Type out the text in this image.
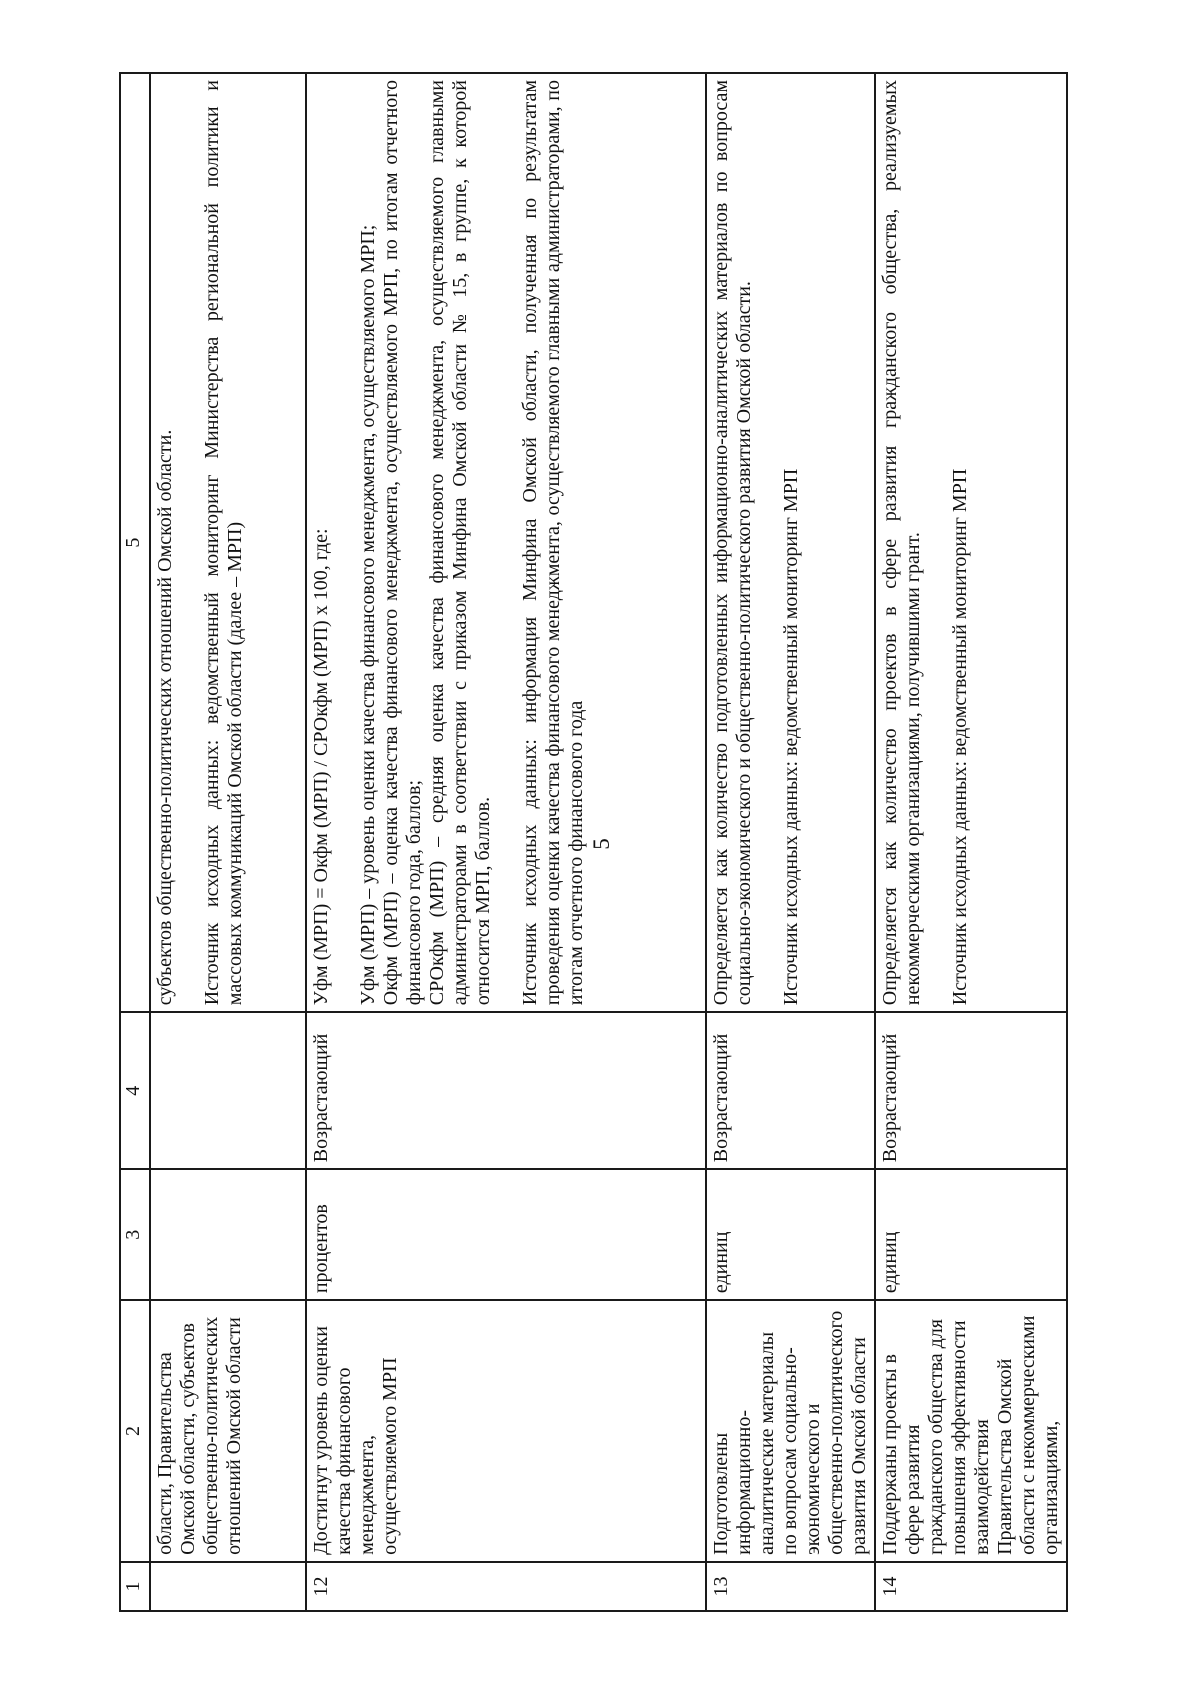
5
1	2	3	4	5
	области, Правительства Омской области, субъектов общественно-политических отношений Омской области			субъектов общественно-политических отношений Омской области. Источник исходных данных: ведомственный мониторинг Министерства региональной политики и массовых коммуникаций Омской области (далее – МРП)

12	Достигнут уровень оценки качества финансового менеджмента, осуществляемого МРП	процентов	Возрастающий	Уфм (МРП) = Окфм (МРП) / СРОкфм (МРП) х 100, где: Уфм (МРП) – уровень оценки качества финансового менеджмента, осуществляемого МРП; Окфм (МРП) – оценка качества финансового менеджмента, осуществляемого МРП, по итогам отчетного финансового года, баллов; СРОкфм (МРП) – средняя оценка качества финансового менеджмента, осуществляемого главными администраторами в соответствии с приказом Минфина Омской области № 15, в группе, к которой относится МРП, баллов. Источник исходных данных: информация Минфина Омской области, полученная по результатам проведения оценки качества финансового менеджмента, осуществляемого главными администраторами, по итогам отчетного финансового года

13	Подготовлены информационно-аналитические материалы по вопросам социально-экономического и общественно-политического развития Омской области	единиц	Возрастающий	Определяется как количество подготовленных информационно-аналитических материалов по вопросам социально-экономического и общественно-политического развития Омской области. Источник исходных данных: ведомственный мониторинг МРП

14	Поддержаны проекты в сфере развития гражданского общества для повышения эффективности взаимодействия Правительства Омской области с некоммерческими организациями,	единиц	Возрастающий	Определяется как количество проектов в сфере развития гражданского общества, реализуемых некоммерческими организациями, получившими грант. Источник исходных данных: ведомственный мониторинг МРП
